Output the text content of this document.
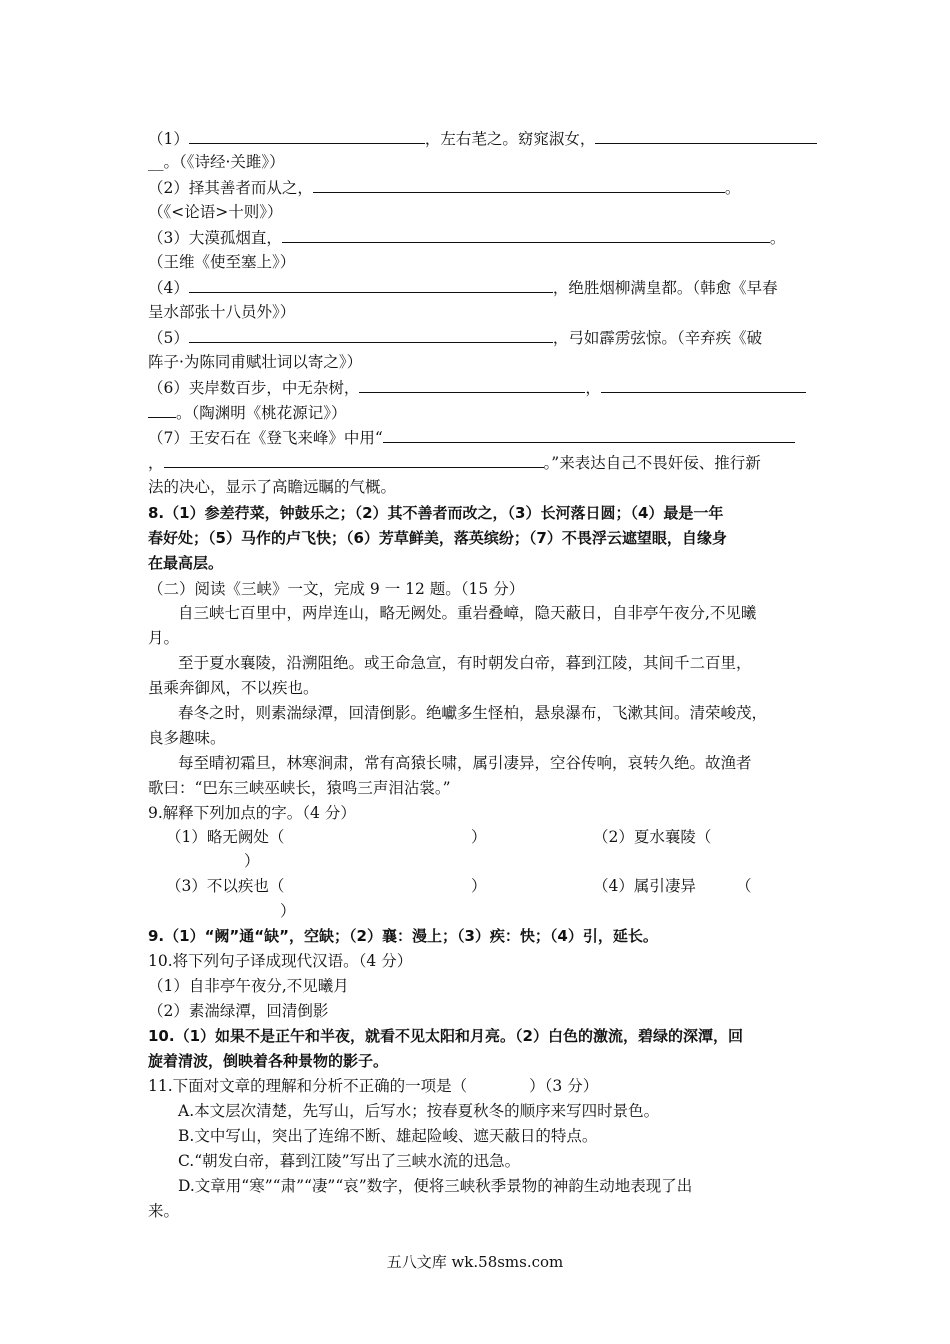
（1）	，左右芼之。窈窕淑女，
__。（《诗经·关雎》）
（2）择其善者而从之，	。
（《<论语>十则》）
（3）大漠孤烟直，	。
（王维《使至塞上》）
（4）	，绝胜烟柳满皇都。（韩愈《早春
呈水部张十八员外》）
（5）	，弓如霹雳弦惊。（辛弃疾《破
阵子·为陈同甫赋壮词以寄之》）
（6）夹岸数百步，中无杂树，	，
。（陶渊明《桃花源记》）
（7）王安石在《登飞来峰》中用“
，	。”来表达自己不畏奸佞、推行新
法的决心，显示了高瞻远瞩的气概。
8.（1）参差荇菜，钟鼓乐之；（2）其不善者而改之，（3）长河落日圆；（4）最是一年
春好处；（5）马作的卢飞快；（6）芳草鲜美，落英缤纷；（7）不畏浮云遮望眼，自缘身
在最高层。
（二）阅读《三峡》一文，完成 9 一 12 题。（15 分）
自三峡七百里中，两岸连山，略无阙处。重岩叠嶂，隐天蔽日，自非亭午夜分,不见曦
月。
至于夏水襄陵，沿溯阻绝。或王命急宣，有时朝发白帝，暮到江陵，其间千二百里，
虽乘奔御风，不以疾也。
春冬之时，则素湍绿潭，回清倒影。绝巘多生怪柏，悬泉瀑布，飞漱其间。清荣峻茂，
良多趣味。
每至晴初霜旦，林寒涧肃，常有高猿长啸，属引凄异，空谷传响，哀转久绝。故渔者
歌曰：“巴东三峡巫峡长，猿鸣三声泪沾裳。”
9.解释下列加点的字。（4 分）
（1）略无阙处（	）	（2）夏水襄陵（
）
（3）不以疾也（	）	（4）属引凄异	（
）
9.（1）“阙”通“缺”，空缺；（2）襄：漫上；（3）疾：快；（4）引，延长。
10.将下列句子译成现代汉语。（4 分）
（1）自非亭午夜分,不见曦月
（2）素湍绿潭，回清倒影
10.（1）如果不是正午和半夜，就看不见太阳和月亮。（2）白色的激流，碧绿的深潭，回
旋着清波，倒映着各种景物的影子。
11.下面对文章的理解和分析不正确的一项是（　　　　）（3 分）
A.本文层次清楚，先写山，后写水；按春夏秋冬的顺序来写四时景色。
B.文中写山，突出了连绵不断、雄起险峻、遮天蔽日的特点。
C.“朝发白帝，暮到江陵”写出了三峡水流的迅急。
D.文章用“寒”“肃”“凄”“哀”数字，便将三峡秋季景物的神韵生动地表现了出
来。
五八文库 wk.58sms.com
